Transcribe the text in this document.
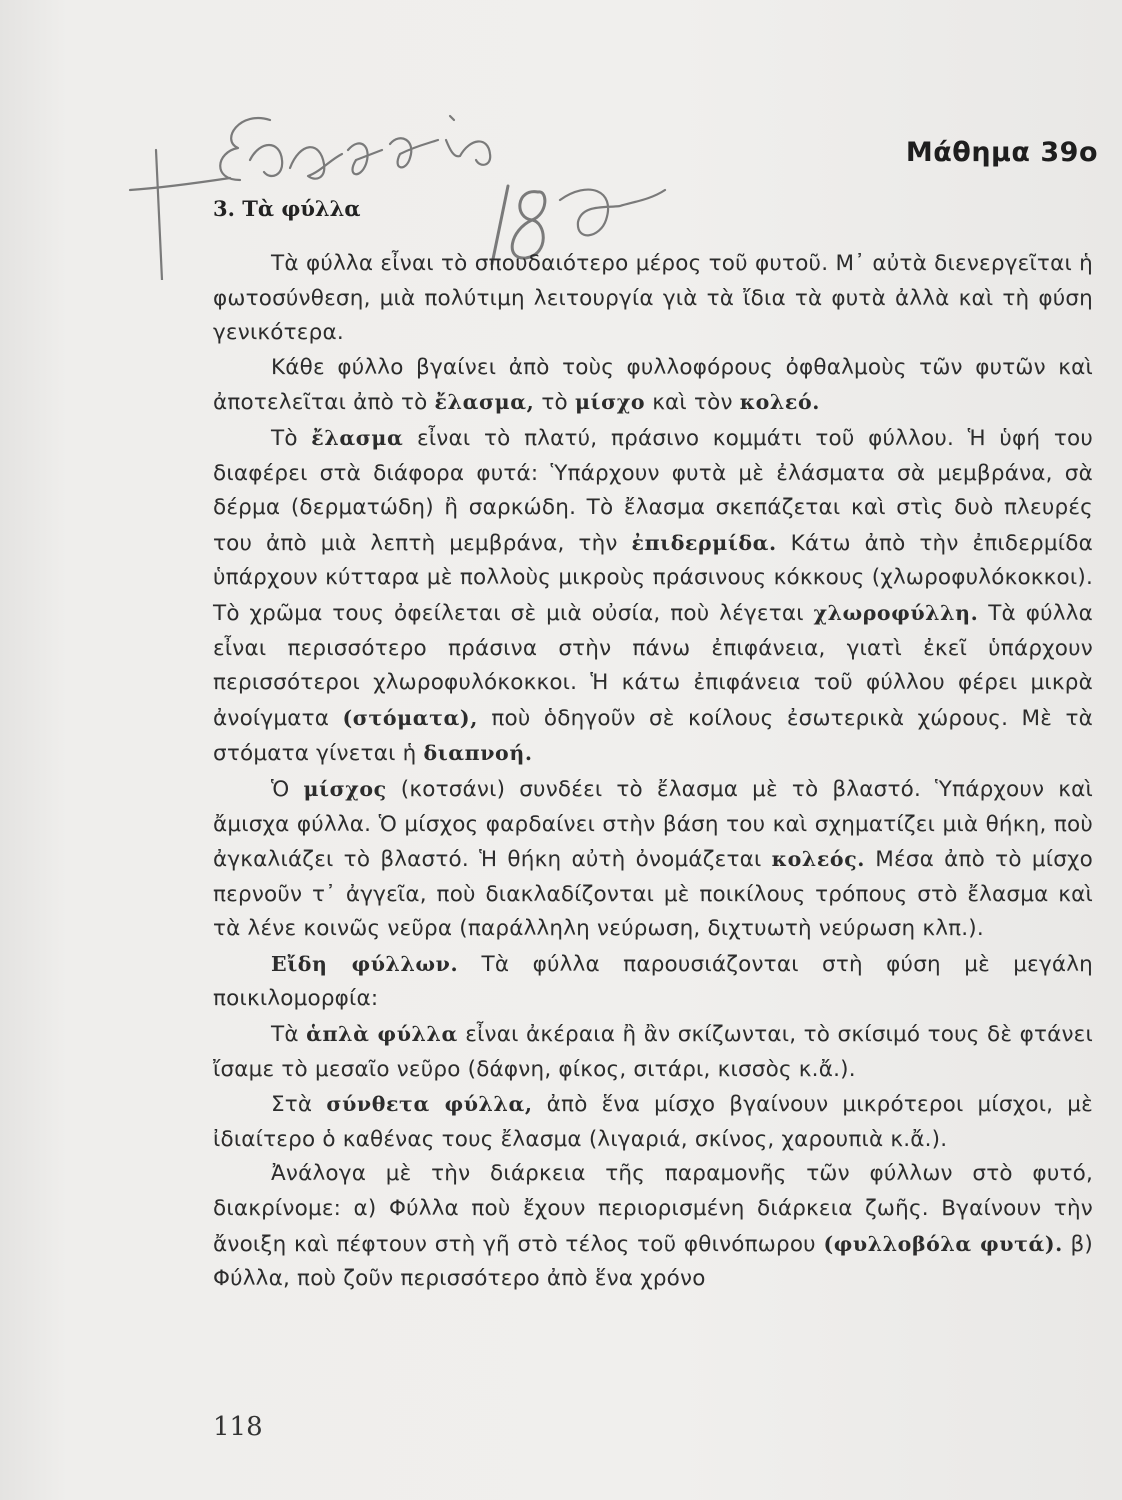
Μάθημα 39ο
3. Τὰ φύλλα

Τὰ φύλλα εἶναι τὸ σπουδαιότερο μέρος τοῦ φυτοῦ. Μ᾽ αὐτὰ διενεργεῖται ἡ φωτοσύνθεση, μιὰ πολύτιμη λειτουργία γιὰ τὰ ἴδια τὰ φυτὰ ἀλλὰ καὶ τὴ φύση γενικότερα.

Κάθε φύλλο βγαίνει ἀπὸ τοὺς φυλλοφόρους ὀφθαλμοὺς τῶν φυτῶν καὶ ἀποτελεῖται ἀπὸ τὸ ἔλασμα, τὸ μίσχο καὶ τὸν κολεό.

Τὸ ἔλασμα εἶναι τὸ πλατύ, πράσινο κομμάτι τοῦ φύλλου. Ἡ ὑφή του διαφέρει στὰ διάφορα φυτά: Ὑπάρχουν φυτὰ μὲ ἐλάσματα σὰ μεμβράνα, σὰ δέρμα (δερματώδη) ἢ σαρκώδη. Τὸ ἔλασμα σκεπάζεται καὶ στὶς δυὸ πλευρές του ἀπὸ μιὰ λεπτὴ μεμβράνα, τὴν ἐπιδερμίδα. Κάτω ἀπὸ τὴν ἐπιδερμίδα ὑπάρχουν κύτταρα μὲ πολλοὺς μικροὺς πράσινους κόκκους (χλωροφυλόκοκκοι). Τὸ χρῶμα τους ὀφείλεται σὲ μιὰ οὐσία, ποὺ λέγεται χλωροφύλλη. Τὰ φύλλα εἶναι περισσότερο πράσινα στὴν πάνω ἐπιφάνεια, γιατὶ ἐκεῖ ὑπάρχουν περισσότεροι χλωροφυλόκοκκοι. Ἡ κάτω ἐπιφάνεια τοῦ φύλλου φέρει μικρὰ ἀνοίγματα (στόματα), ποὺ ὁδηγοῦν σὲ κοίλους ἐσωτερικὰ χώρους. Μὲ τὰ στόματα γίνεται ἡ διαπνοή.

Ὁ μίσχος (κοτσάνι) συνδέει τὸ ἔλασμα μὲ τὸ βλαστό. Ὑπάρχουν καὶ ἄμισχα φύλλα. Ὁ μίσχος φαρδαίνει στὴν βάση του καὶ σχηματίζει μιὰ θήκη, ποὺ ἀγκαλιάζει τὸ βλαστό. Ἡ θήκη αὐτὴ ὀνομάζεται κολεός. Μέσα ἀπὸ τὸ μίσχο περνοῦν τ᾽ ἀγγεῖα, ποὺ διακλαδίζονται μὲ ποικίλους τρόπους στὸ ἔλασμα καὶ τὰ λένε κοινῶς νεῦρα (παράλληλη νεύρωση, διχτυωτὴ νεύρωση κλπ.).

Εἴδη φύλλων. Τὰ φύλλα παρουσιάζονται στὴ φύση μὲ μεγάλη ποικιλομορφία:

Τὰ ἁπλὰ φύλλα εἶναι ἀκέραια ἢ ἂν σκίζωνται, τὸ σκίσιμό τους δὲ φτάνει ἴσαμε τὸ μεσαῖο νεῦρο (δάφνη, φίκος, σιτάρι, κισσὸς κ.ἄ.).

Στὰ σύνθετα φύλλα, ἀπὸ ἕνα μίσχο βγαίνουν μικρότεροι μίσχοι, μὲ ἰδιαίτερο ὁ καθένας τους ἔλασμα (λιγαριά, σκίνος, χαρουπιὰ κ.ἄ.).

Ἀνάλογα μὲ τὴν διάρκεια τῆς παραμονῆς τῶν φύλλων στὸ φυτό, διακρίνομε: α) Φύλλα ποὺ ἔχουν περιορισμένη διάρκεια ζωῆς. Βγαίνουν τὴν ἄνοιξη καὶ πέφτουν στὴ γῆ στὸ τέλος τοῦ φθινόπωρου (φυλλοβόλα φυτά). β) Φύλλα, ποὺ ζοῦν περισσότερο ἀπὸ ἕνα χρόνο

118
